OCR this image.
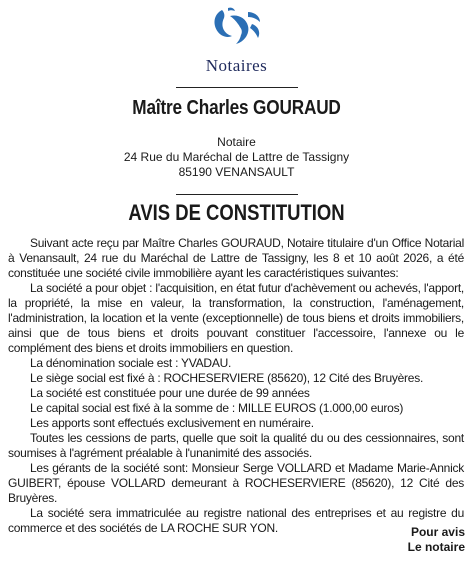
Notaires
Maître Charles GOURAUD
Notaire
24 Rue du Maréchal de Lattre de Tassigny
85190 VENANSAULT
AVIS DE CONSTITUTION

Suivant acte reçu par Maître Charles GOURAUD, Notaire titulaire d'un Office Notarial à Venansault, 24 rue du Maréchal de Lattre de Tassigny, les 8 et 10 août 2026, a été constituée une société civile immobilière ayant les caractéristiques suivantes:

La société a pour objet : l'acquisition, en état futur d'achèvement ou achevés, l'apport, la propriété, la mise en valeur, la transformation, la construction, l'aménagement, l'administration, la location et la vente (exceptionnelle) de tous biens et droits immobiliers, ainsi que de tous biens et droits pouvant constituer l'accessoire, l'annexe ou le complément des biens et droits immobiliers en question.

La dénomination sociale est : YVADAU.

Le siège social est fixé à : ROCHESERVIERE (85620), 12 Cité des Bruyères.

La société est constituée pour une durée de 99 années

Le capital social est fixé à la somme de : MILLE EUROS (1.000,00 euros)

Les apports sont effectués exclusivement en numéraire.

Toutes les cessions de parts, quelle que soit la qualité du ou des cessionnaires, sont soumises à l'agrément préalable à l'unanimité des associés.

Les gérants de la société sont: Monsieur Serge VOLLARD et Madame Marie-Annick GUIBERT, épouse VOLLARD demeurant à ROCHESERVIERE (85620), 12 Cité des Bruyères.

La société sera immatriculée au registre national des entreprises et au registre du commerce et des sociétés de LA ROCHE SUR YON.	Pour avis
Le notaire
